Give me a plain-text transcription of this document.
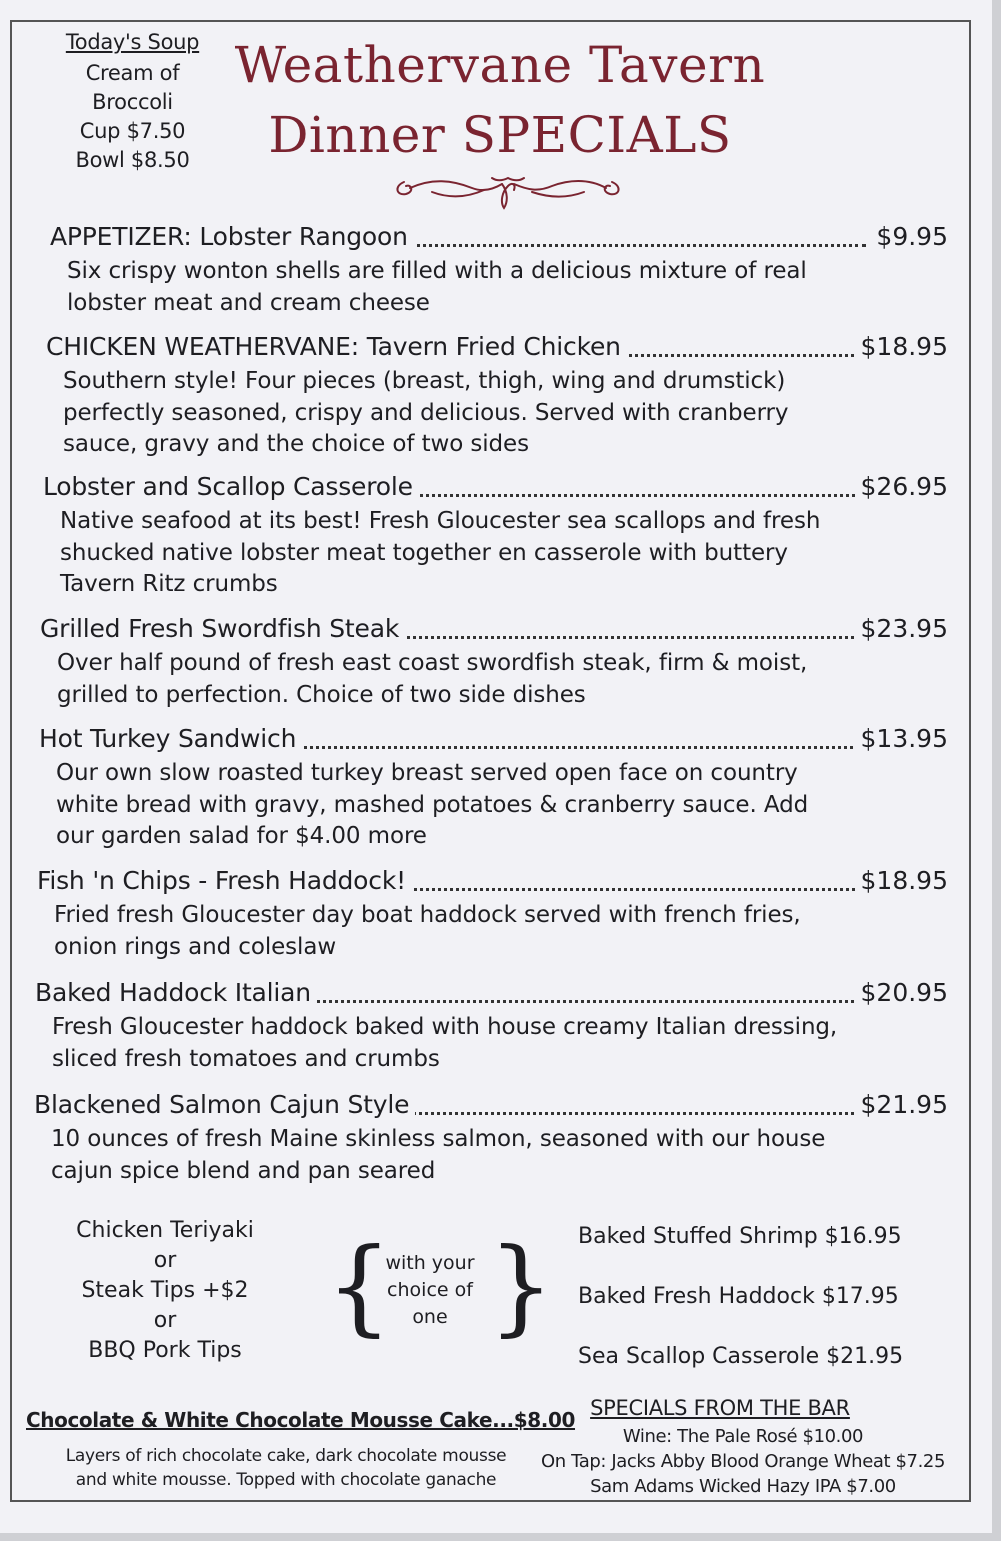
Today's Soup
Cream of
Broccoli
Cup $7.50
Bowl $8.50
Weathervane Tavern
Dinner SPECIALS
APPETIZER: Lobster Rangoon	$9.95
Six crispy wonton shells are filled with a delicious mixture of real
lobster meat and cream cheese
CHICKEN WEATHERVANE: Tavern Fried Chicken	$18.95
Southern style! Four pieces (breast, thigh, wing and drumstick)
perfectly seasoned, crispy and delicious. Served with cranberry
sauce, gravy and the choice of two sides
Lobster and Scallop Casserole	$26.95
Native seafood at its best! Fresh Gloucester sea scallops and fresh
shucked native lobster meat together en casserole with buttery
Tavern Ritz crumbs
Grilled Fresh Swordfish Steak	$23.95
Over half pound of fresh east coast swordfish steak, firm & moist,
grilled to perfection. Choice of two side dishes
Hot Turkey Sandwich	$13.95
Our own slow roasted turkey breast served open face on country
white bread with gravy, mashed potatoes & cranberry sauce. Add
our garden salad for $4.00 more
Fish 'n Chips - Fresh Haddock!	$18.95
Fried fresh Gloucester day boat haddock served with french fries,
onion rings and coleslaw
Baked Haddock Italian	$20.95
Fresh Gloucester haddock baked with house creamy Italian dressing,
sliced fresh tomatoes and crumbs
Blackened Salmon Cajun Style	$21.95
10 ounces of fresh Maine skinless salmon, seasoned with our house
cajun spice blend and pan seared
Chicken Teriyaki
or
Steak Tips +$2
or
BBQ Pork Tips
{
with your
choice of
one } Baked Stuffed Shrimp $16.95
Baked Fresh Haddock $17.95
Sea Scallop Casserole $21.95
Chocolate & White Chocolate Mousse Cake...$8.00
Layers of rich chocolate cake, dark chocolate mousse
and white mousse. Topped with chocolate ganache
SPECIALS FROM THE BAR
Wine: The Pale Rosé $10.00
On Tap: Jacks Abby Blood Orange Wheat $7.25
Sam Adams Wicked Hazy IPA $7.00
